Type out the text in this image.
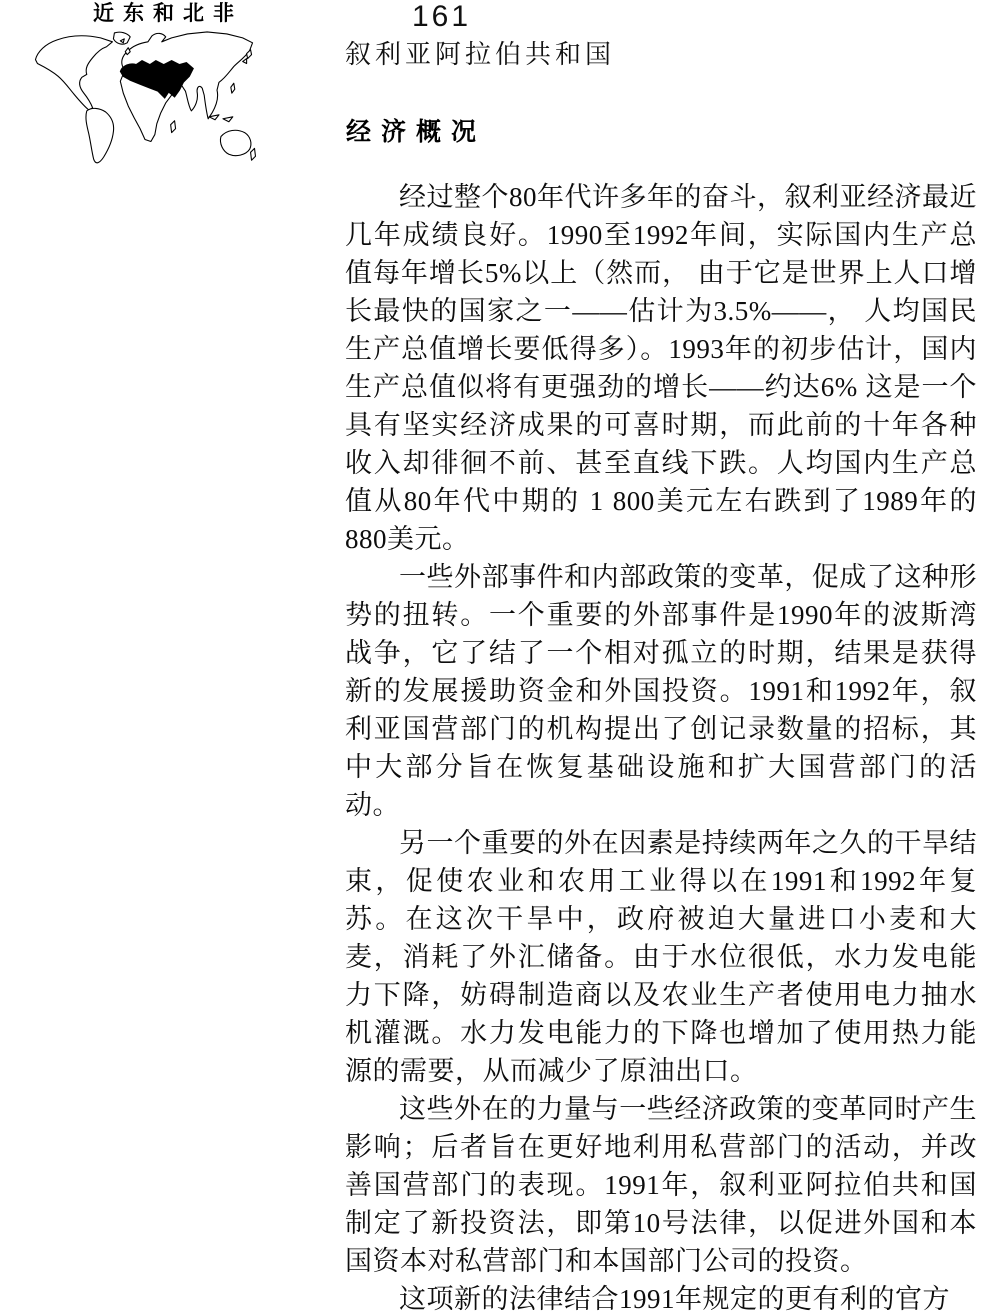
近东和北非	161
叙利亚阿拉伯共和国
经济概况

经过整个80年代许多年的奋斗，叙利亚经济最近几年成绩良好。1990至1992年间，实际国内生产总值每年增长5%以上（然而， 由于它是世界上人口增长最快的国家之一——估计为3.5%——， 人均国民生产总值增长要低得多）。1993年的初步估计，国内生产总值似将有更强劲的增长——约达6% 这是一个具有坚实经济成果的可喜时期，而此前的十年各种收入却徘徊不前、甚至直线下跌。人均国内生产总值从80年代中期的 1 800美元左右跌到了1989年的880美元。

一些外部事件和内部政策的变革，促成了这种形势的扭转。一个重要的外部事件是1990年的波斯湾战争，它了结了一个相对孤立的时期，结果是获得新的发展援助资金和外国投资。1991和1992年，叙利亚国营部门的机构提出了创记录数量的招标，其中大部分旨在恢复基础设施和扩大国营部门的活动。

另一个重要的外在因素是持续两年之久的干旱结束，促使农业和农用工业得以在1991和1992年复苏。在这次干旱中，政府被迫大量进口小麦和大麦，消耗了外汇储备。由于水位很低，水力发电能力下降，妨碍制造商以及农业生产者使用电力抽水机灌溉。水力发电能力的下降也增加了使用热力能源的需要，从而减少了原油出口。

这些外在的力量与一些经济政策的变革同时产生影响；后者旨在更好地利用私营部门的活动，并改善国营部门的表现。1991年，叙利亚阿拉伯共和国制定了新投资法，即第10号法律，以促进外国和本国资本对私营部门和本国部门公司的投资。

这项新的法律结合1991年规定的更有利的官方
